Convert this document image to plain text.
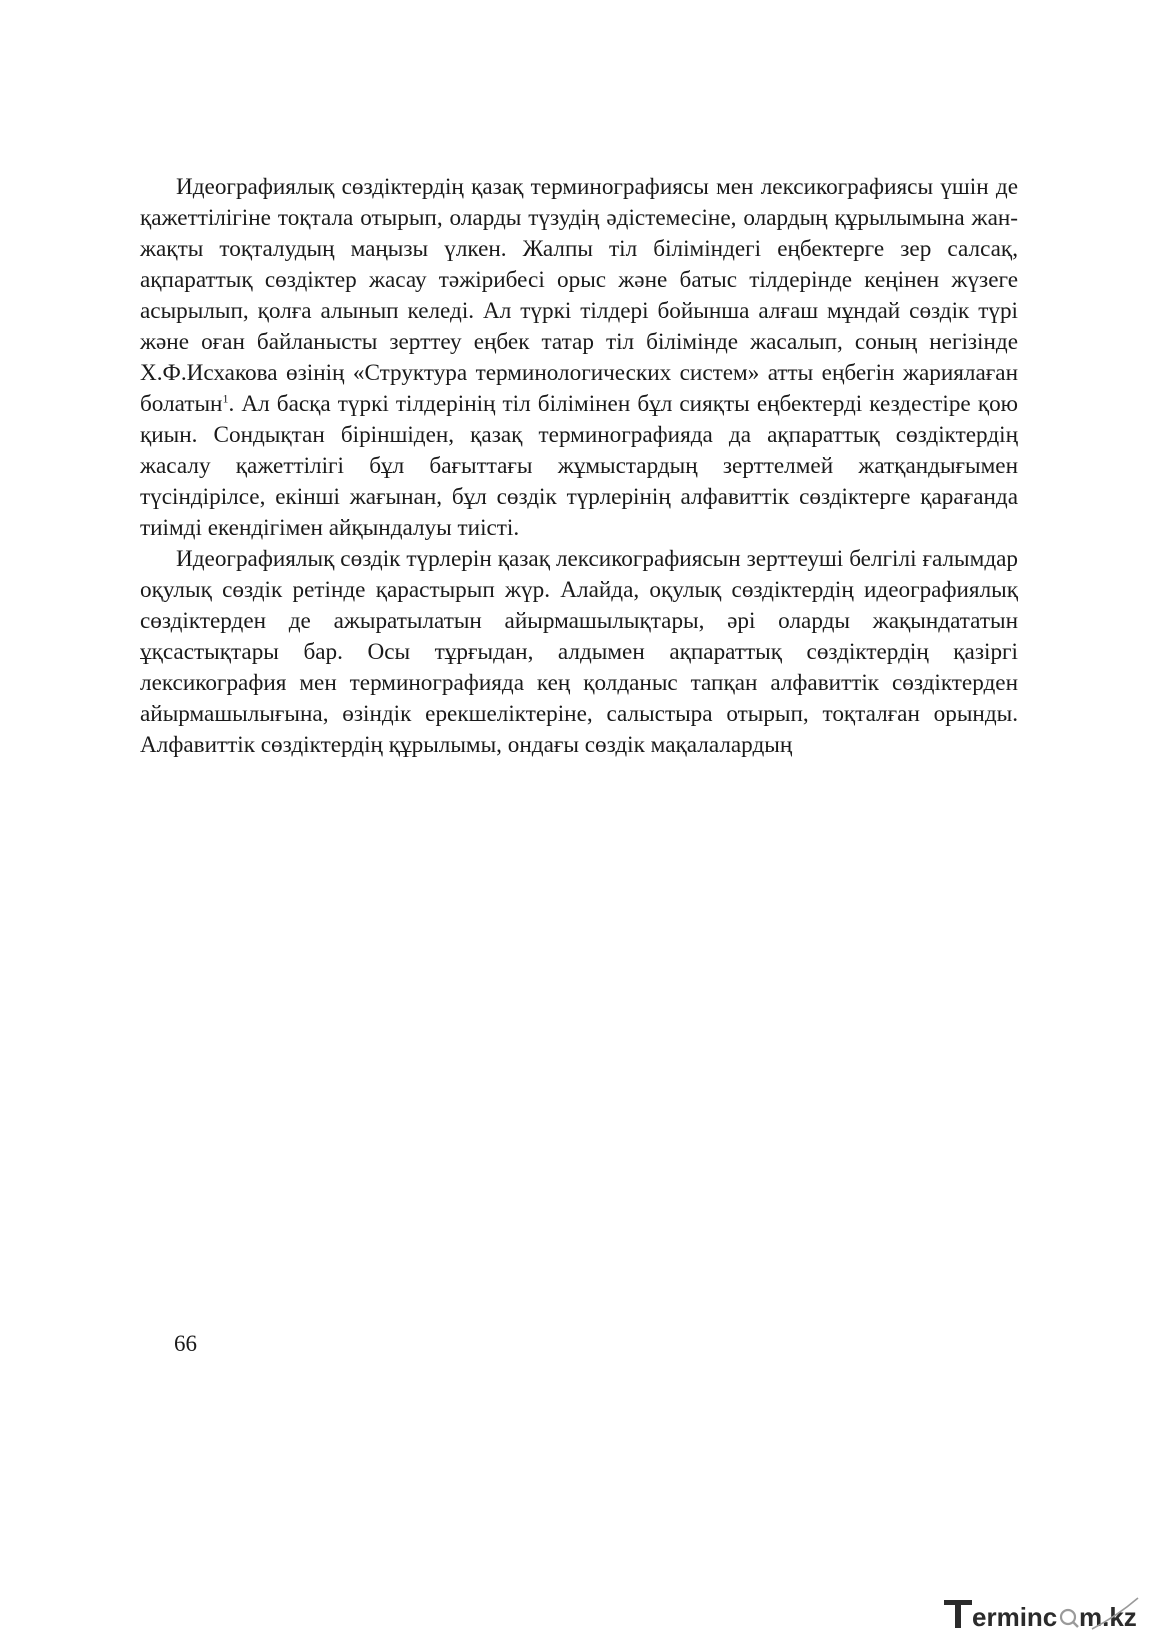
Идеографиялық сөздіктердің қазақ терминографиясы мен лексикографиясы үшін де қажеттілігіне тоқтала отырып, оларды түзудің әдістемесіне, олардың құрылымына жан-жақты тоқталудың маңызы үлкен. Жалпы тіл біліміндегі еңбектерге зер салсақ, ақпараттық сөздіктер жасау тәжірибесі орыс және батыс тілдерінде кеңінен жүзеге асырылып, қолға алынып келеді. Ал түркі тілдері бойынша алғаш мұндай сөздік түрі және оған байланысты зерттеу еңбек татар тіл білімінде жасалып, соның негізінде Х.Ф.Исхакова өзінің «Структура терминологических систем» атты еңбегін жариялаған болатын$^1$. Ал басқа түркі тілдерінің тіл білімінен бұл сияқты еңбектерді кездестіре қою қиын. Сондықтан біріншіден, қазақ терминографияда да ақпараттық сөздіктердің жасалу қажеттілігі бұл бағыттағы жұмыстардың зерттелмей жатқандығымен түсіндірілсе, екінші жағынан, бұл сөздік түрлерінің алфавиттік сөздіктерге қарағанда тиімді екендігімен айқындалуы тиісті.

Идеографиялық сөздік түрлерін қазақ лексикографиясын зерттеуші белгілі ғалымдар оқулық сөздік ретінде қарастырып жүр. Алайда, оқулық сөздіктердің идеографиялық сөздіктерден де ажыратылатын айырмашылықтары, әрі оларды жақындататын ұқсастықтары бар. Осы тұрғыдан, алдымен ақпараттық сөздіктердің қазіргі лексикография мен терминографияда кең қолданыс тапқан алфавиттік сөздіктерден айырмашылығына, өзіндік ерекшеліктеріне, салыстыра отырып, тоқталған орынды. Алфавиттік сөздіктердің құрылымы, ондағы сөздік мақалалардың

66
erminc m.kz
